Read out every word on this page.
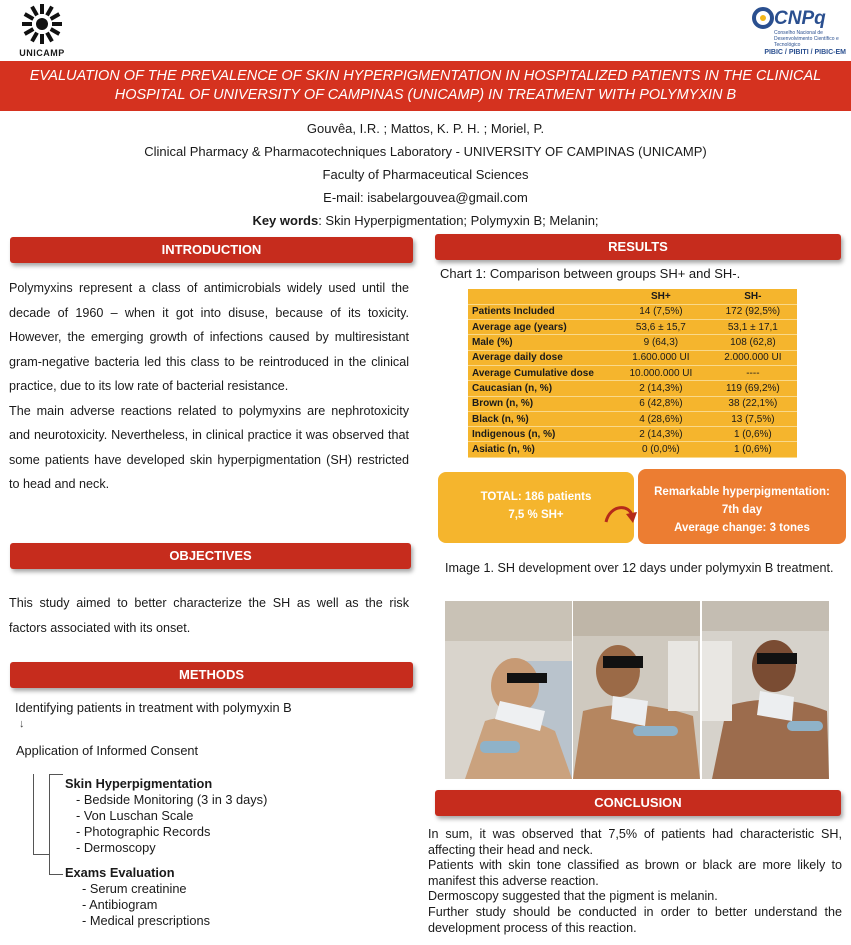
UNICAMP
CNPq
Conselho Nacional de Desenvolvimento Científico e Tecnológico
PIBIC / PIBITI / PIBIC-EM
EVALUATION OF THE PREVALENCE OF SKIN HYPERPIGMENTATION IN HOSPITALIZED PATIENTS IN THE CLINICAL
HOSPITAL OF UNIVERSITY OF CAMPINAS (UNICAMP) IN TREATMENT WITH POLYMYXIN B
Gouvêa, I.R. ; Mattos, K. P. H. ; Moriel, P.
Clinical Pharmacy & Pharmacotechniques Laboratory - UNIVERSITY OF CAMPINAS (UNICAMP)
Faculty of Pharmaceutical Sciences
E-mail: isabelargouvea@gmail.com
Key words: Skin Hyperpigmentation; Polymyxin B; Melanin;
INTRODUCTION
Polymyxins represent a class of antimicrobials widely used until the decade of 1960 – when it got into disuse, because of its toxicity. However, the emerging growth of infections caused by multiresistant gram-negative bacteria led this class to be reintroduced in the clinical practice, due to its low rate of bacterial resistance.
The main adverse reactions related to polymyxins are nephrotoxicity and neurotoxicity. Nevertheless, in clinical practice it was observed that some patients have developed skin hyperpigmentation (SH) restricted to head and neck.
OBJECTIVES
This study aimed to better characterize the SH as well as the risk factors associated with its onset.
METHODS
Identifying patients in treatment with polymyxin B
↓
Application of Informed Consent
Skin Hyperpigmentation
- Bedside Monitoring (3 in 3 days)
- Von Luschan Scale
- Photographic Records
- Dermoscopy
Exams Evaluation
- Serum creatinine
- Antibiogram
- Medical prescriptions
RESULTS
Chart 1: Comparison between groups SH+ and SH-.
	SH+	SH-
Patients Included	14 (7,5%)	172 (92,5%)
Average age (years)	53,6 ± 15,7	53,1 ± 17,1
Male (%)	9 (64,3)	108 (62,8)
Average daily dose	1.600.000 UI	2.000.000 UI
Average Cumulative dose	10.000.000 UI	----
Caucasian (n, %)	2 (14,3%)	119 (69,2%)
Brown (n, %)	6 (42,8%)	38 (22,1%)
Black (n, %)	4 (28,6%)	13 (7,5%)
Indigenous (n, %)	2 (14,3%)	1 (0,6%)
Asiatic (n, %)	0 (0,0%)	1 (0,6%)
TOTAL: 186 patients
7,5 % SH+
Remarkable hyperpigmentation:
7th day
Average change: 3 tones
Image 1. SH development over 12 days under polymyxin B treatment.
CONCLUSION

In sum, it was observed that 7,5% of patients had characteristic SH, affecting their head and neck.

Patients with skin tone classified as brown or black are more likely to manifest this adverse reaction.

Dermoscopy suggested that the pigment is melanin.

Further study should be conducted in order to better understand the development process of this reaction.
